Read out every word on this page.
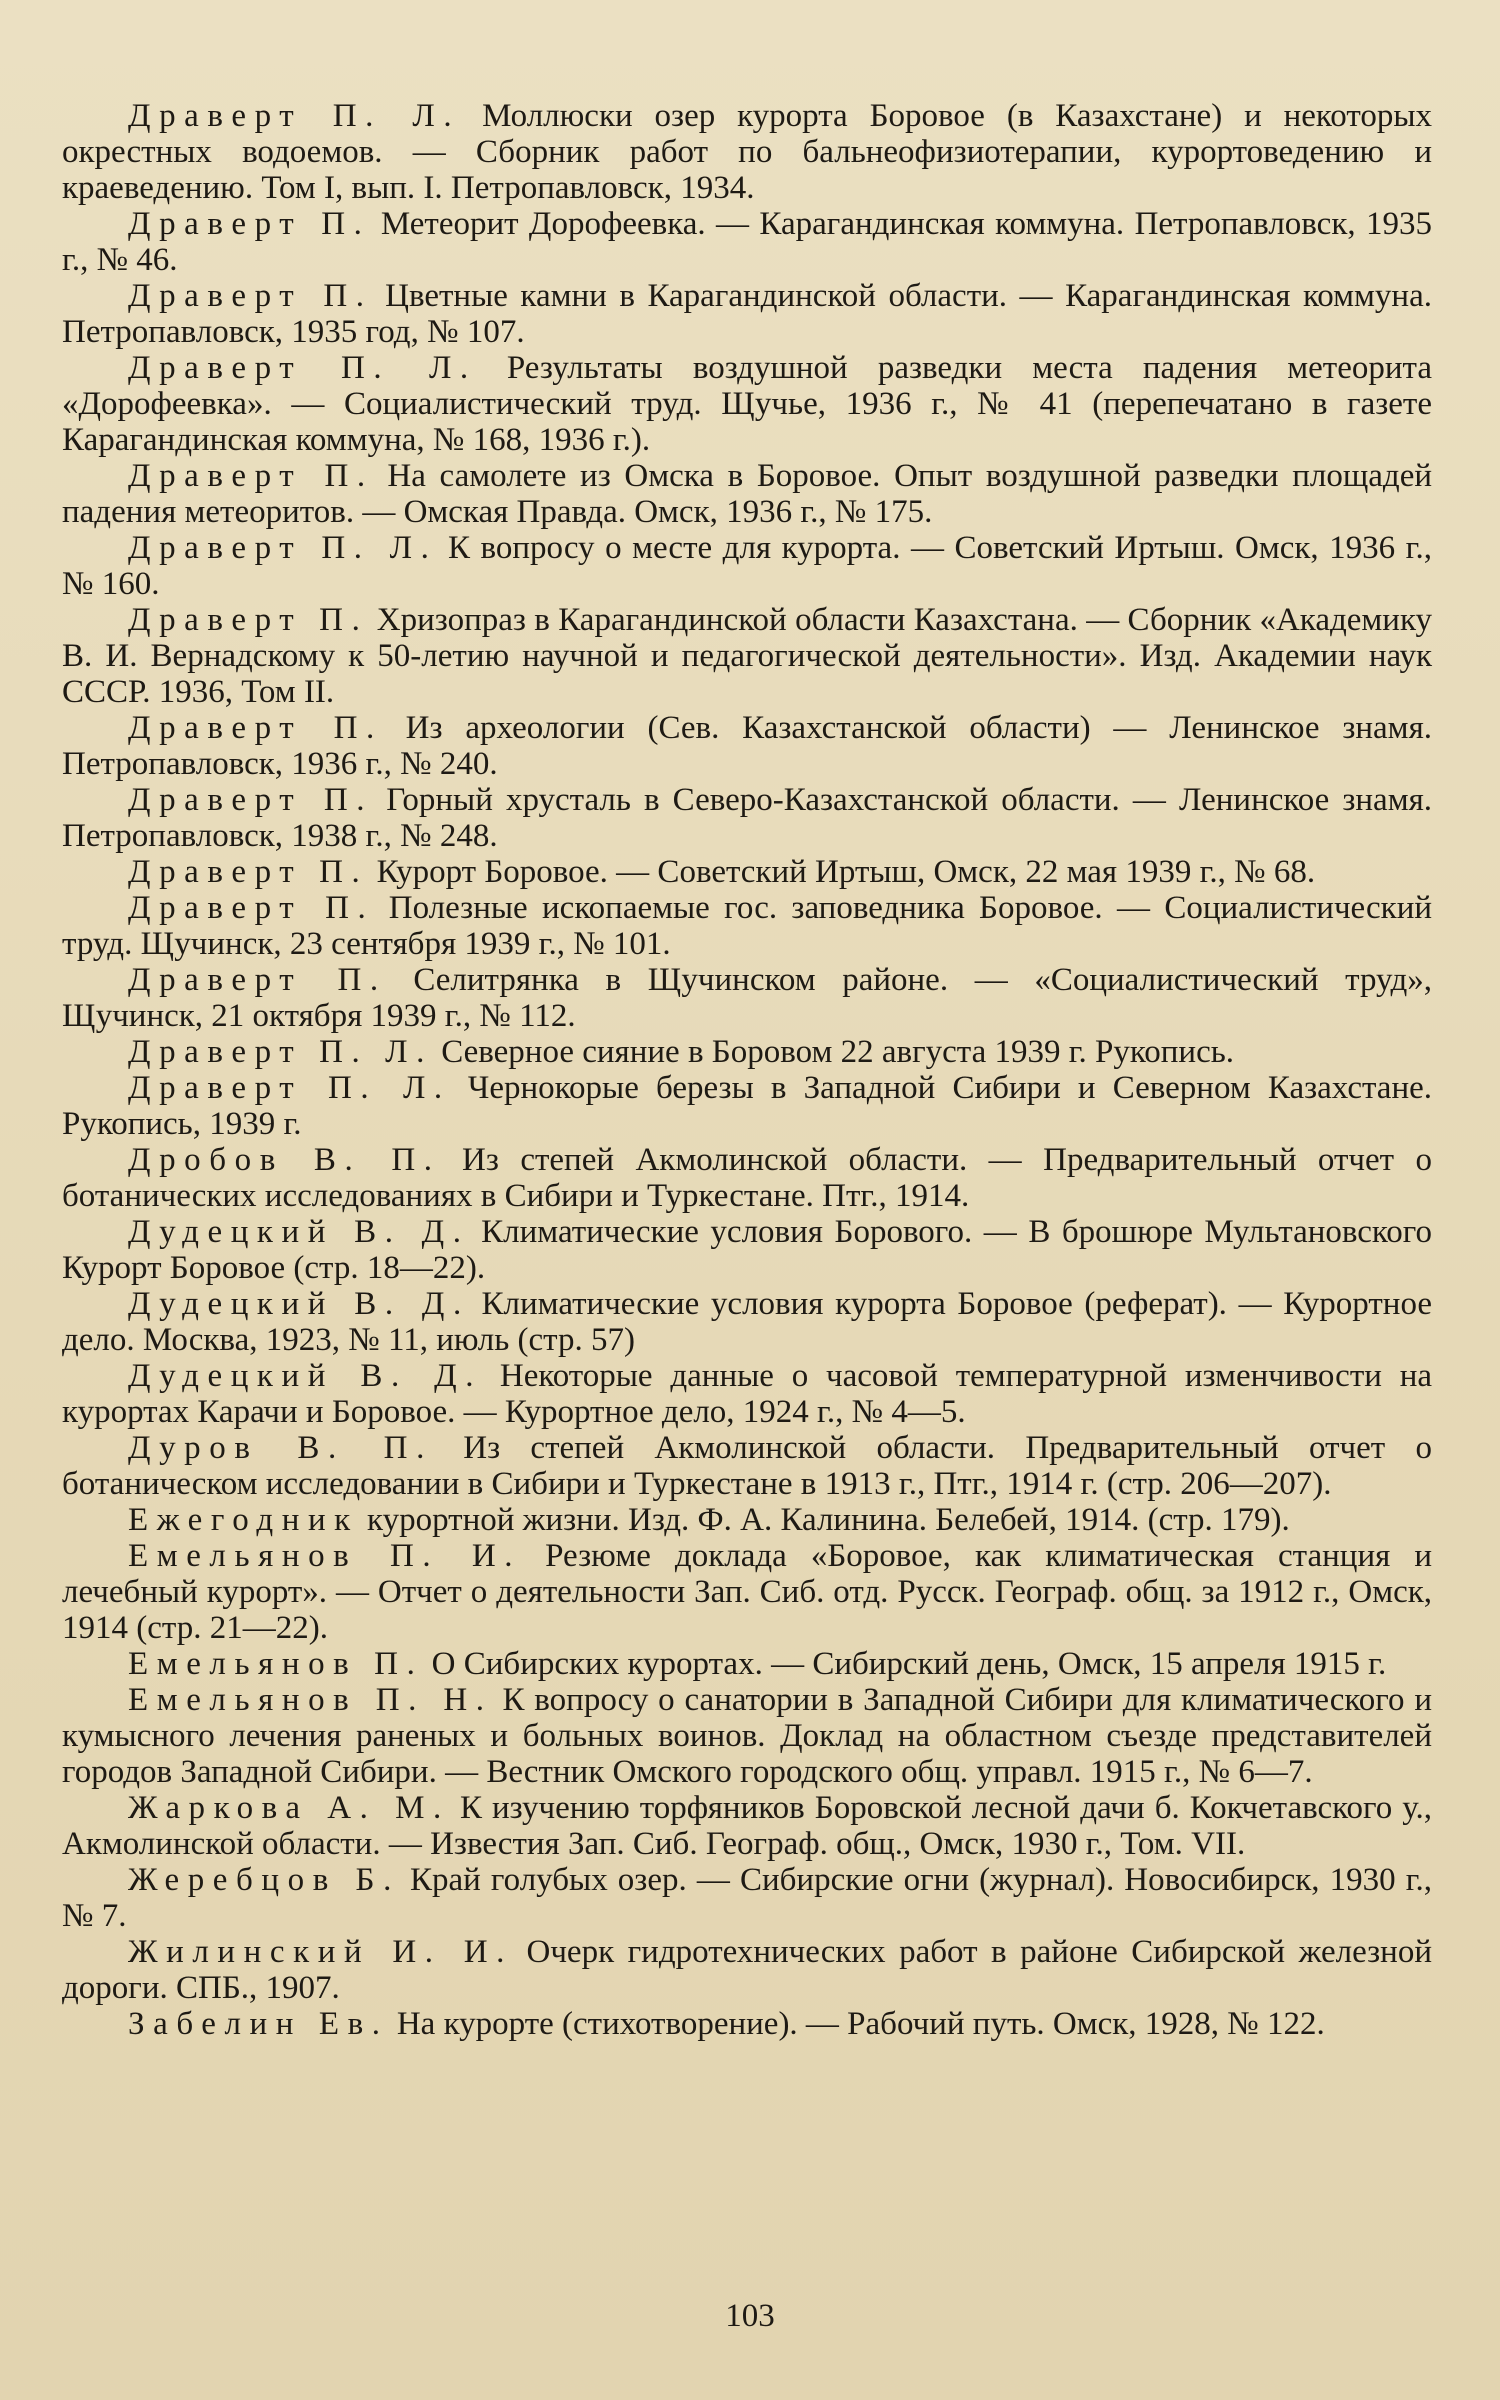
Драверт П. Л. Моллюски озер курорта Боровое (в Казахстане) и некоторых окрестных водоемов. — Сборник работ по бальнеофизиотерапии, курортоведению и краеведению. Том I, вып. I. Петропавловск, 1934.

Драверт П. Метеорит Дорофеевка. — Карагандинская коммуна. Петропавловск, 1935 г., № 46.

Драверт П. Цветные камни в Карагандинской области. — Карагандинская коммуна. Петропавловск, 1935 год, № 107.

Драверт П. Л. Результаты воздушной разведки места падения метеорита «Дорофеевка». — Социалистический труд. Щучье, 1936 г., № 41 (перепечатано в газете Карагандинская коммуна, № 168, 1936 г.).

Драверт П. На самолете из Омска в Боровое. Опыт воздушной разведки площадей падения метеоритов. — Омская Правда. Омск, 1936 г., № 175.

Драверт П. Л. К вопросу о месте для курорта. — Советский Иртыш. Омск, 1936 г., № 160.

Драверт П. Хризопраз в Карагандинской области Казахстана. — Сборник «Академику В. И. Вернадскому к 50-летию научной и педагогической деятельнoсти». Изд. Академии наук СССР. 1936, Том II.

Драверт П. Из археологии (Сев. Казахстанской области) — Ленинское знамя. Петропавловск, 1936 г., № 240.

Драверт П. Горный хрусталь в Северо-Казахстанской области. — Ленинское знамя. Петропавловск, 1938 г., № 248.

Драверт П. Курорт Боровое. — Советский Иртыш, Омск, 22 мая 1939 г., № 68.

Драверт П. Полезные ископаемые гос. заповедника Боровое. — Социалистический труд. Щучинск, 23 сентября 1939 г., № 101.

Драверт П. Селитрянка в Щучинском районе. — «Социалистический труд», Щучинск, 21 октября 1939 г., № 112.

Драверт П. Л. Северное сияние в Боровом 22 августа 1939 г. Рукопись.

Драверт П. Л. Чернокорые березы в Западной Сибири и Северном Казахстане. Рукопись, 1939 г.

Дробов В. П. Из степей Акмолинской области. — Предварительный отчет о ботанических исследованиях в Сибири и Туркестане. Птг., 1914.

Дудецкий В. Д. Климатические условия Борового. — В брошюре Мультановского Курорт Боровое (стр. 18—22).

Дудецкий В. Д. Климатические условия курорта Боровое (реферат). — Курортное дело. Москва, 1923, № 11, июль (стр. 57)

Дудецкий В. Д. Некоторые данные о часовой температурной изменчивости на курортах Карачи и Боровое. — Курортное дело, 1924 г., № 4—5.

Дуров В. П. Из степей Акмолинской области. Предварительный отчет о ботаническом исследовании в Сибири и Туркестане в 1913 г., Птг., 1914 г. (стр. 206—207).

Ежегодник курортной жизни. Изд. Ф. А. Калинина. Белебей, 1914. (стр. 179).

Емельянов П. И. Резюме доклада «Боровое, как климатическая станция и лечебный курорт». — Отчет о деятельности Зап. Сиб. отд. Русск. Географ. общ. за 1912 г., Омск, 1914 (стр. 21—22).

Емельянов П. О Сибирских курортах. — Сибирский день, Омск, 15 апреля 1915 г.

Емельянов П. Н. К вопросу о санатории в Западной Сибири для климатического и кумысного лечения раненых и больных воинов. Доклад на областном съезде представителей городов Западной Сибири. — Вестник Омского городского общ. управл. 1915 г., № 6—7.

Жаркова А. М. К изучению торфяников Боровской лесной дачи б. Кокчетавского у., Акмолинской области. — Известия Зап. Сиб. Географ. общ., Омск, 1930 г., Том. VII.

Жеребцов Б. Край голубых озер. — Сибирские огни (журнал). Новосибирск, 1930 г., № 7.

Жилинский И. И. Очерк гидротехнических работ в районе Сибирской железной дороги. СПБ., 1907.

Забелин Ев. На курорте (стихотворение). — Рабочий путь. Омск, 1928, № 122.

103
